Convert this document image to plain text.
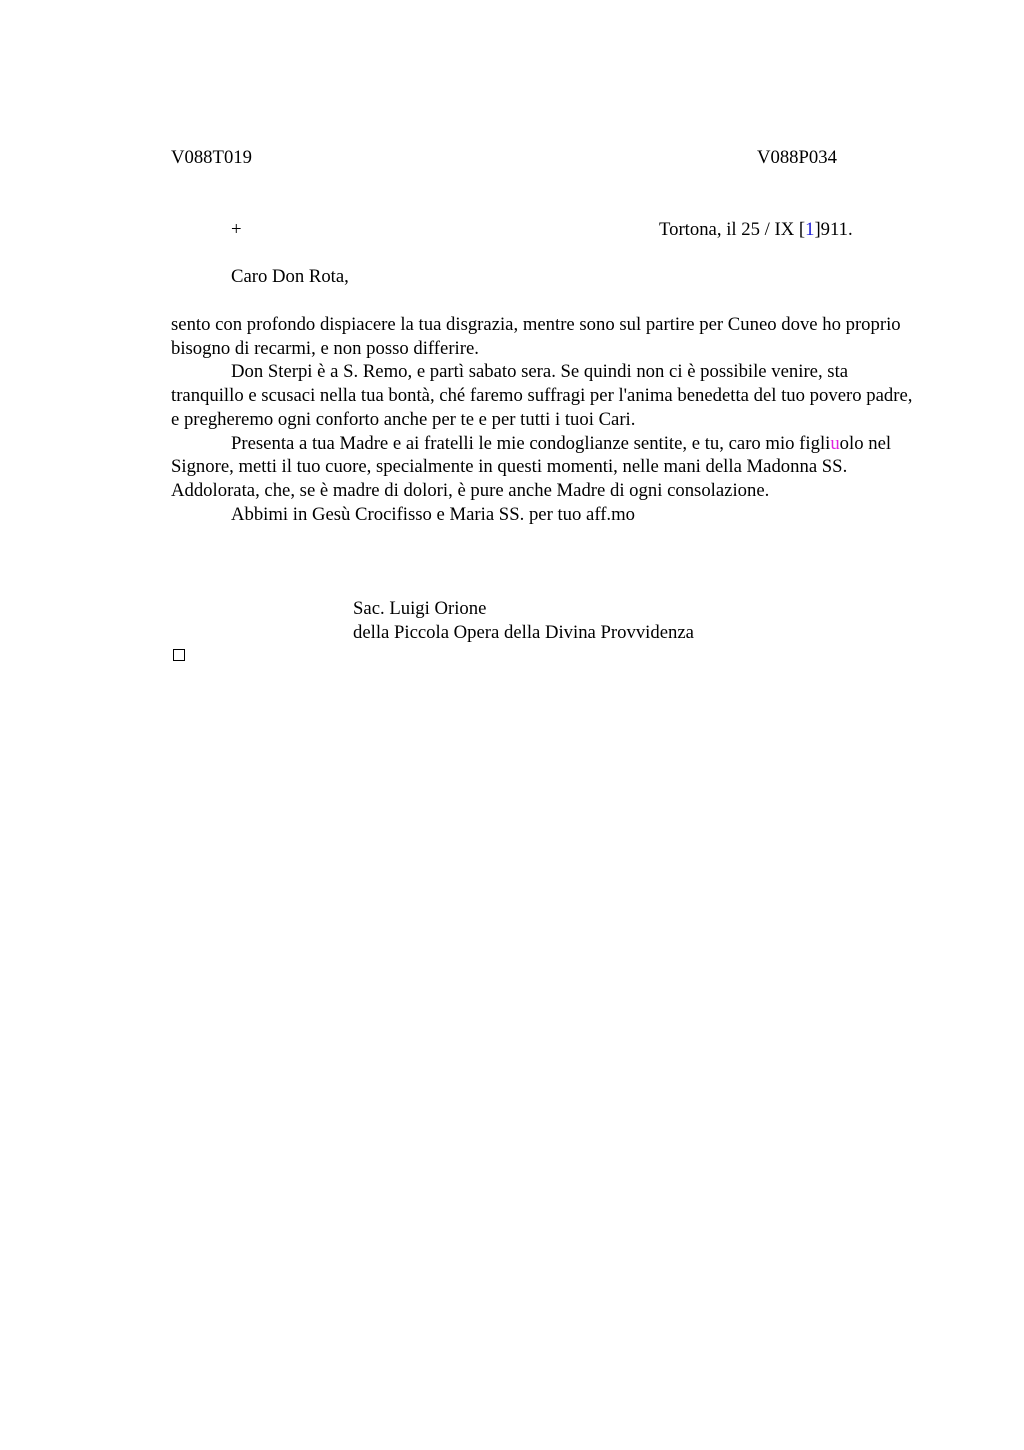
V088T019	V088P034
+	Tortona, il 25 / IX [1]911.
Caro Don Rota,

sento con profondo dispiacere la tua disgrazia, mentre sono sul partire per Cuneo dove ho proprio bisogno di recarmi, e non posso differire.

Don Sterpi è a S. Remo, e partì sabato sera. Se quindi non ci è possibile venire, sta tranquillo e scusaci nella tua bontà, ché faremo suffragi per l'anima benedetta del tuo povero padre, e pregheremo ogni conforto anche per te e per tutti i tuoi Cari.

Presenta a tua Madre e ai fratelli le mie condoglianze sentite, e tu, caro mio figliuolo nel Signore, metti il tuo cuore, specialmente in questi momenti, nelle mani della Madonna SS. Addolorata, che, se è madre di dolori, è pure anche Madre di ogni consolazione.

Abbimi in Gesù Crocifisso e Maria SS. per tuo aff.mo

Sac. Luigi Orione
della Piccola Opera della Divina Provvidenza
